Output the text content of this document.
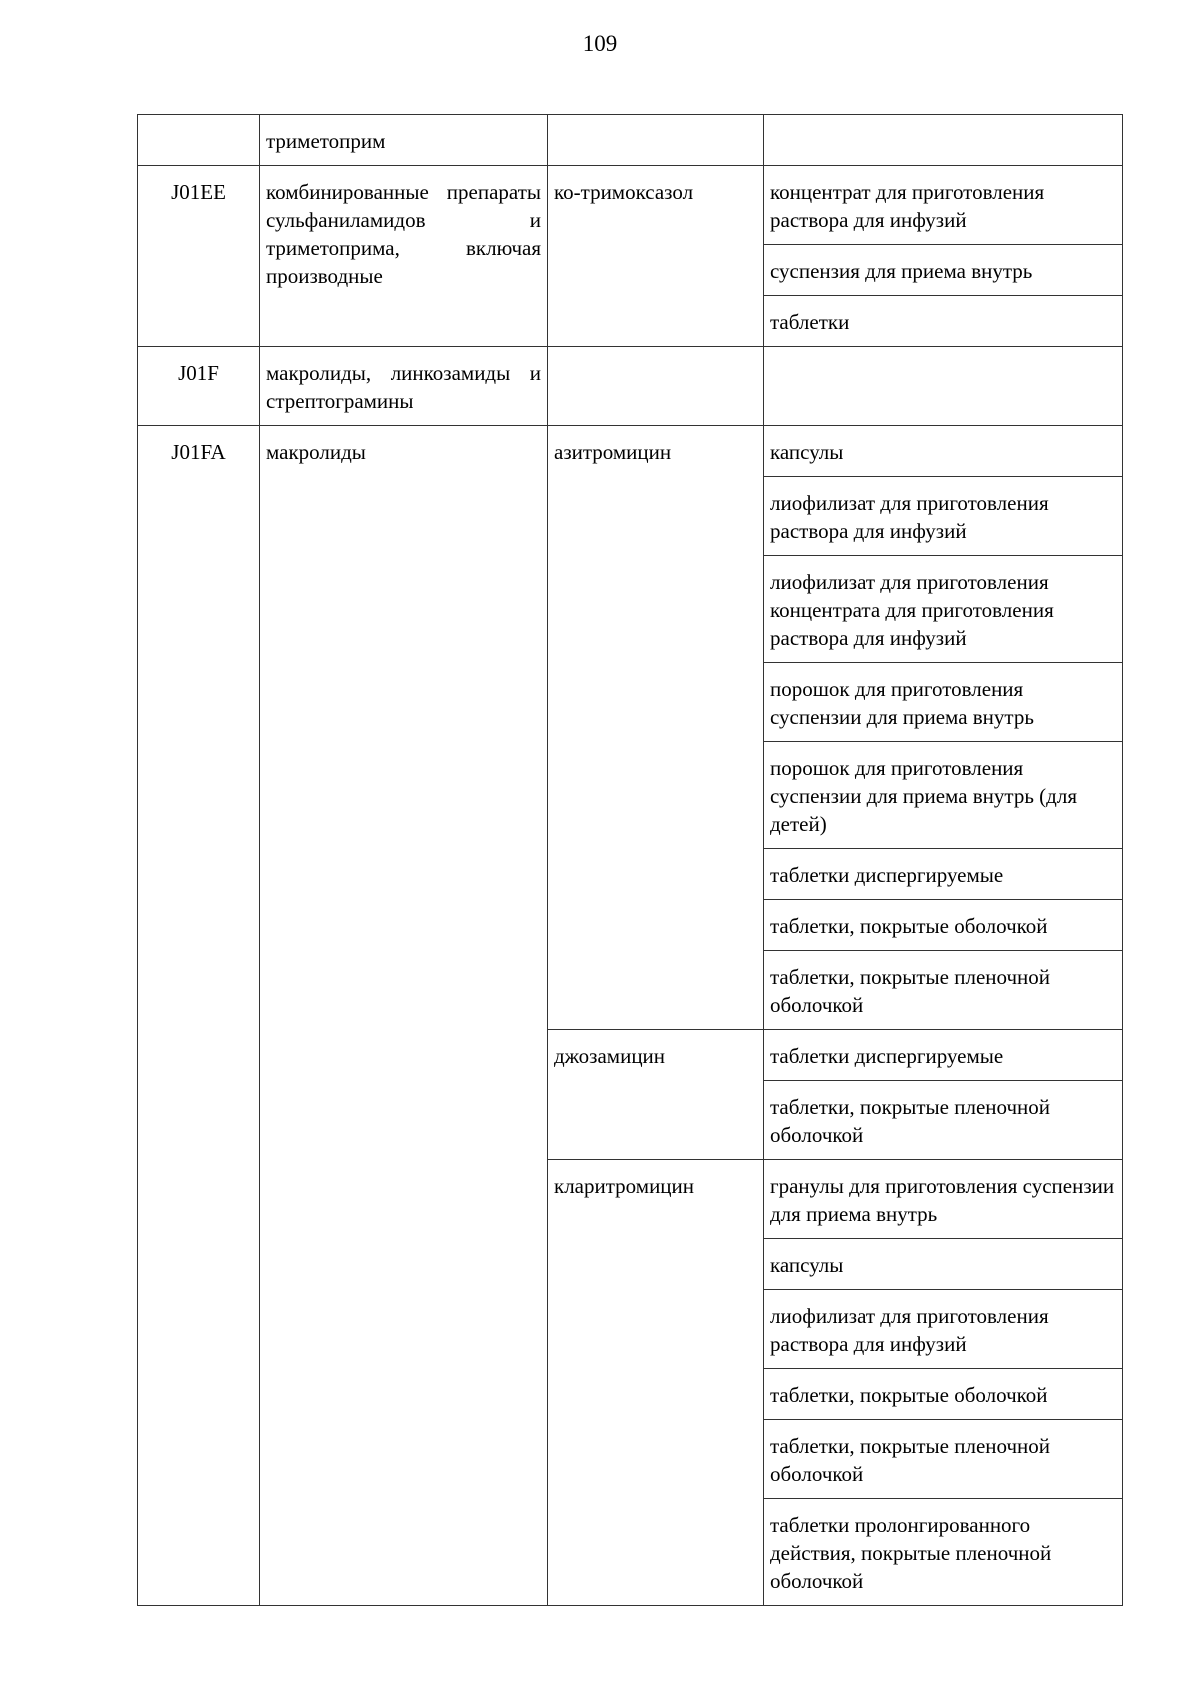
109
	триметоприм		
J01EE	комбинированные препараты сульфаниламидов и триметоприма, включая производные	ко-тримоксазол	концентрат для приготовления раствора для инфузий
			суспензия для приема внутрь
			таблетки
J01F	макролиды, линкозамиды и стрептограмины		
J01FA	макролиды	азитромицин	капсулы
			лиофилизат для приготовления раствора для инфузий
			лиофилизат для приготовления концентрата для приготовления раствора для инфузий
			порошок для приготовления суспензии для приема внутрь
			порошок для приготовления суспензии для приема внутрь (для детей)
			таблетки диспергируемые
			таблетки, покрытые оболочкой
			таблетки, покрытые пленочной оболочкой
		джозамицин	таблетки диспергируемые
			таблетки, покрытые пленочной оболочкой
		кларитромицин	гранулы для приготовления суспензии для приема внутрь
			капсулы
			лиофилизат для приготовления раствора для инфузий
			таблетки, покрытые оболочкой
			таблетки, покрытые пленочной оболочкой
			таблетки пролонгированного действия, покрытые пленочной оболочкой
